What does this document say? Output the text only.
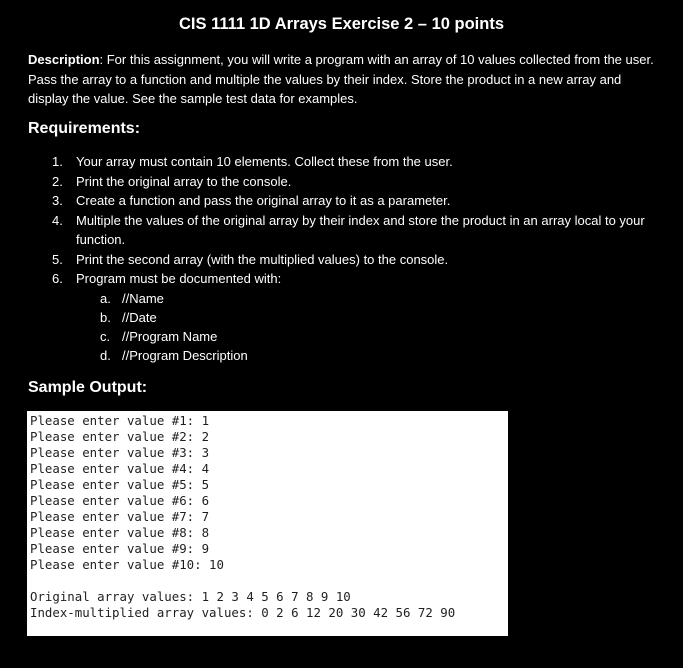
CIS 1111 1D Arrays Exercise 2 – 10 points

Description: For this assignment, you will write a program with an array of 10 values collected from the user. Pass the array to a function and multiple the values by their index. Store the product in a new array and display the value. See the sample test data for examples.

Requirements:
1. Your array must contain 10 elements. Collect these from the user.
2. Print the original array to the console.
3. Create a function and pass the original array to it as a parameter.
4. Multiple the values of the original array by their index and store the product in an array local to your function.
5. Print the second array (with the multiplied values) to the console.
6. Program must be documented with:
a. //Name
b. //Date
c. //Program Name
d. //Program Description
Sample Output:
Please enter value #1: 1
Please enter value #2: 2
Please enter value #3: 3
Please enter value #4: 4
Please enter value #5: 5
Please enter value #6: 6
Please enter value #7: 7
Please enter value #8: 8
Please enter value #9: 9
Please enter value #10: 10
Original array values: 1 2 3 4 5 6 7 8 9 10
Index-multiplied array values: 0 2 6 12 20 30 42 56 72 90
